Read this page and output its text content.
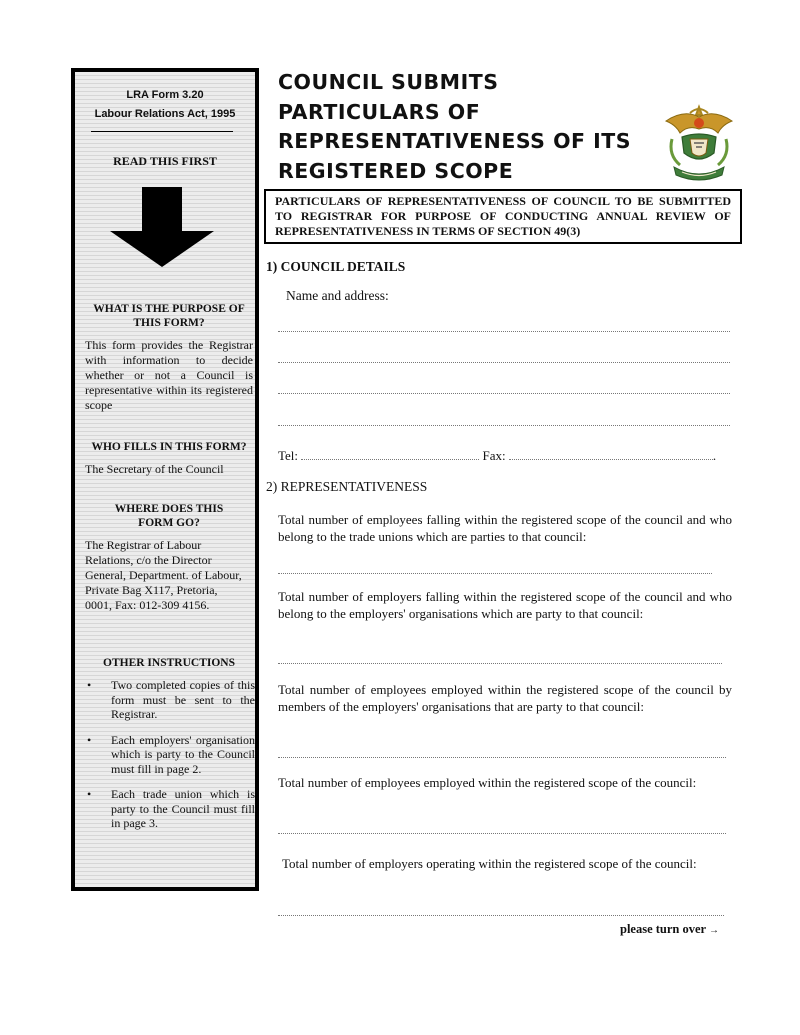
LRA Form 3.20
Labour Relations Act, 1995
READ THIS FIRST
WHAT IS THE PURPOSE OF THIS FORM?
This form provides the Registrar with information to decide whether or not a Council is representative within its registered scope
WHO FILLS IN THIS FORM?
The Secretary of the Council
WHERE DOES THIS FORM GO?
The Registrar of Labour Relations, c/o the Director General, Department. of Labour, Private Bag X117, Pretoria, 0001, Fax: 012-309 4156.
OTHER INSTRUCTIONS
• Two completed copies of this form must be sent to the Registrar.
• Each employers' organisation which is party to the Council must fill in page 2.
• Each trade union which is party to the Council must fill in page 3.
COUNCIL SUBMITS PARTICULARS OF REPRESENTATIVENESS OF ITS REGISTERED SCOPE
PARTICULARS OF REPRESENTATIVENESS OF COUNCIL TO BE SUBMITTED TO REGISTRAR FOR PURPOSE OF CONDUCTING ANNUAL REVIEW OF REPRESENTATIVENESS IN TERMS OF SECTION 49(3)
1) COUNCIL DETAILS
Name and address:
Tel:	Fax:	.
2) REPRESENTATIVENESS
Total number of employees falling within the registered scope of the council and who belong to the trade unions which are parties to that council:
Total number of employers falling within the registered scope of the council and who belong to the employers' organisations which are party to that council:
Total number of employees employed within the registered scope of the council by members of the employers' organisations that are party to that council:
Total number of employees employed within the registered scope of the council:
Total number of employers operating within the registered scope of the council:
please turn over →
